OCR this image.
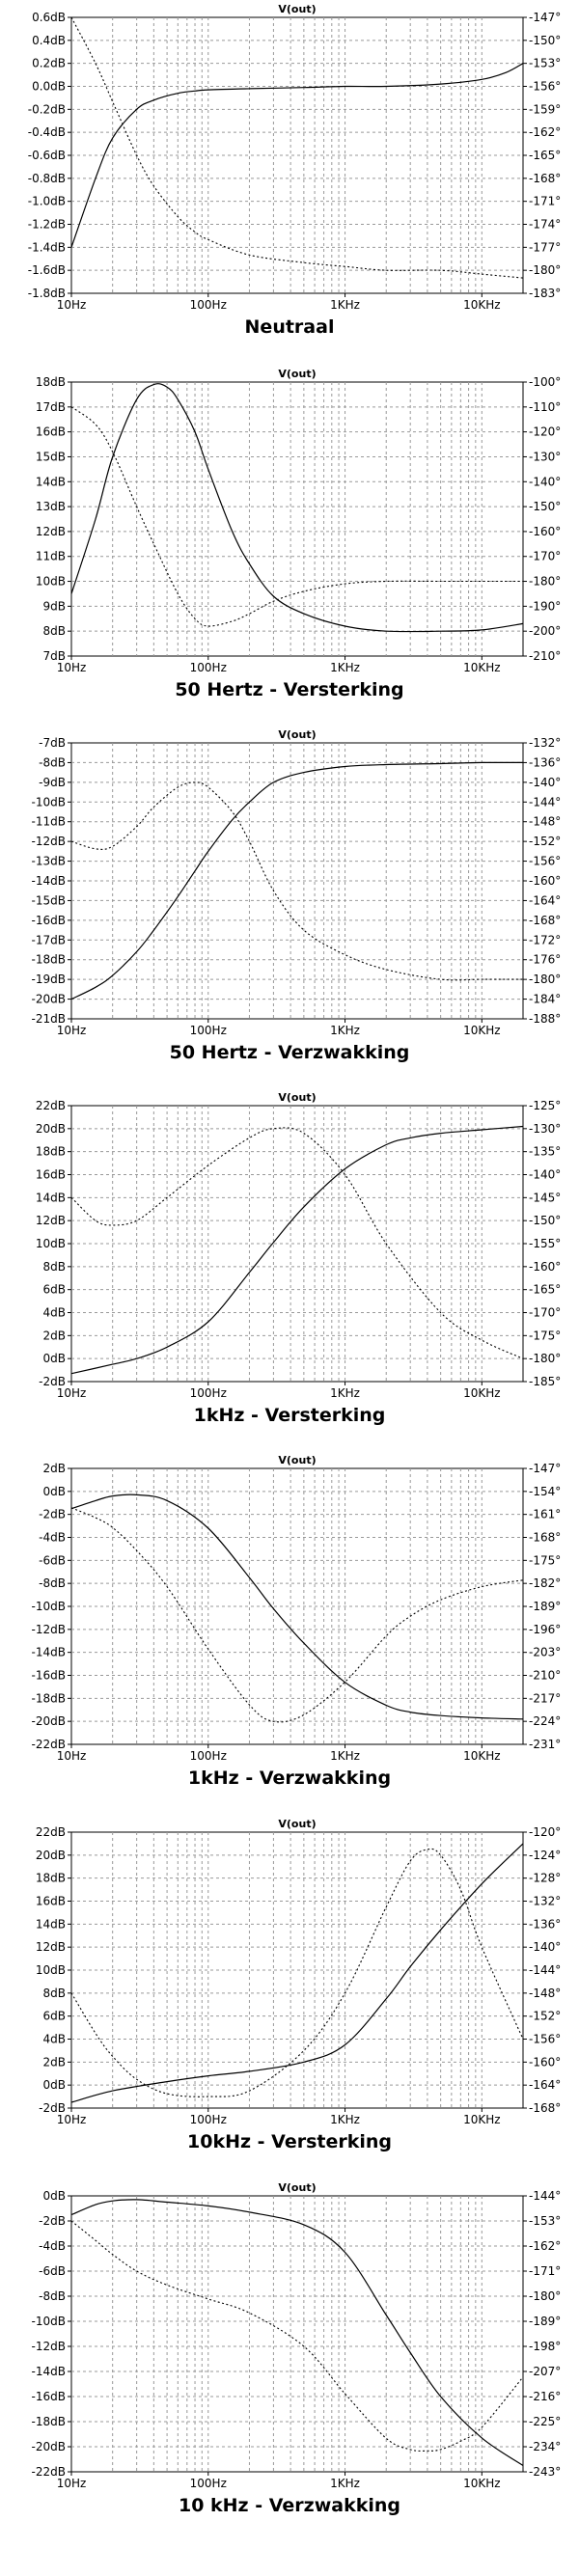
0.6dB
0.4dB
0.2dB
0.0dB
-0.2dB
-0.4dB
-0.6dB
-0.8dB
-1.0dB
-1.2dB
-1.4dB
-1.6dB
-1.8dB
-147°
-150°
-153°
-156°
-159°
-162°
-165°
-168°
-171°
-174°
-177°
-180°
-183°
10Hz	100Hz	1KHz	10KHz
V(out)
Neutraal
18dB
17dB
16dB
15dB
14dB
13dB
12dB
11dB
10dB
9dB
8dB
7dB
-100°
-110°
-120°
-130°
-140°
-150°
-160°
-170°
-180°
-190°
-200°
-210°
10Hz	100Hz	1KHz	10KHz
V(out)
50 Hertz - Versterking
-7dB
-8dB
-9dB
-10dB
-11dB
-12dB
-13dB
-14dB
-15dB
-16dB
-17dB
-18dB
-19dB
-20dB
-21dB
-132°
-136°
-140°
-144°
-148°
-152°
-156°
-160°
-164°
-168°
-172°
-176°
-180°
-184°
-188°
10Hz	100Hz	1KHz	10KHz
V(out)
50 Hertz - Verzwakking
22dB
20dB
18dB
16dB
14dB
12dB
10dB
8dB
6dB
4dB
2dB
0dB
-2dB
-125°
-130°
-135°
-140°
-145°
-150°
-155°
-160°
-165°
-170°
-175°
-180°
-185°
10Hz	100Hz	1KHz	10KHz
V(out)
1kHz - Versterking
2dB
0dB
-2dB
-4dB
-6dB
-8dB
-10dB
-12dB
-14dB
-16dB
-18dB
-20dB
-22dB
-147°
-154°
-161°
-168°
-175°
-182°
-189°
-196°
-203°
-210°
-217°
-224°
-231°
10Hz	100Hz	1KHz	10KHz
V(out)
1kHz - Verzwakking
22dB
20dB
18dB
16dB
14dB
12dB
10dB
8dB
6dB
4dB
2dB
0dB
-2dB
-120°
-124°
-128°
-132°
-136°
-140°
-144°
-148°
-152°
-156°
-160°
-164°
-168°
10Hz	100Hz	1KHz	10KHz
V(out)
10kHz - Versterking
0dB
-2dB
-4dB
-6dB
-8dB
-10dB
-12dB
-14dB
-16dB
-18dB
-20dB
-22dB
-144°
-153°
-162°
-171°
-180°
-189°
-198°
-207°
-216°
-225°
-234°
-243°
10Hz	100Hz	1KHz	10KHz
V(out)
10 kHz - Verzwakking
